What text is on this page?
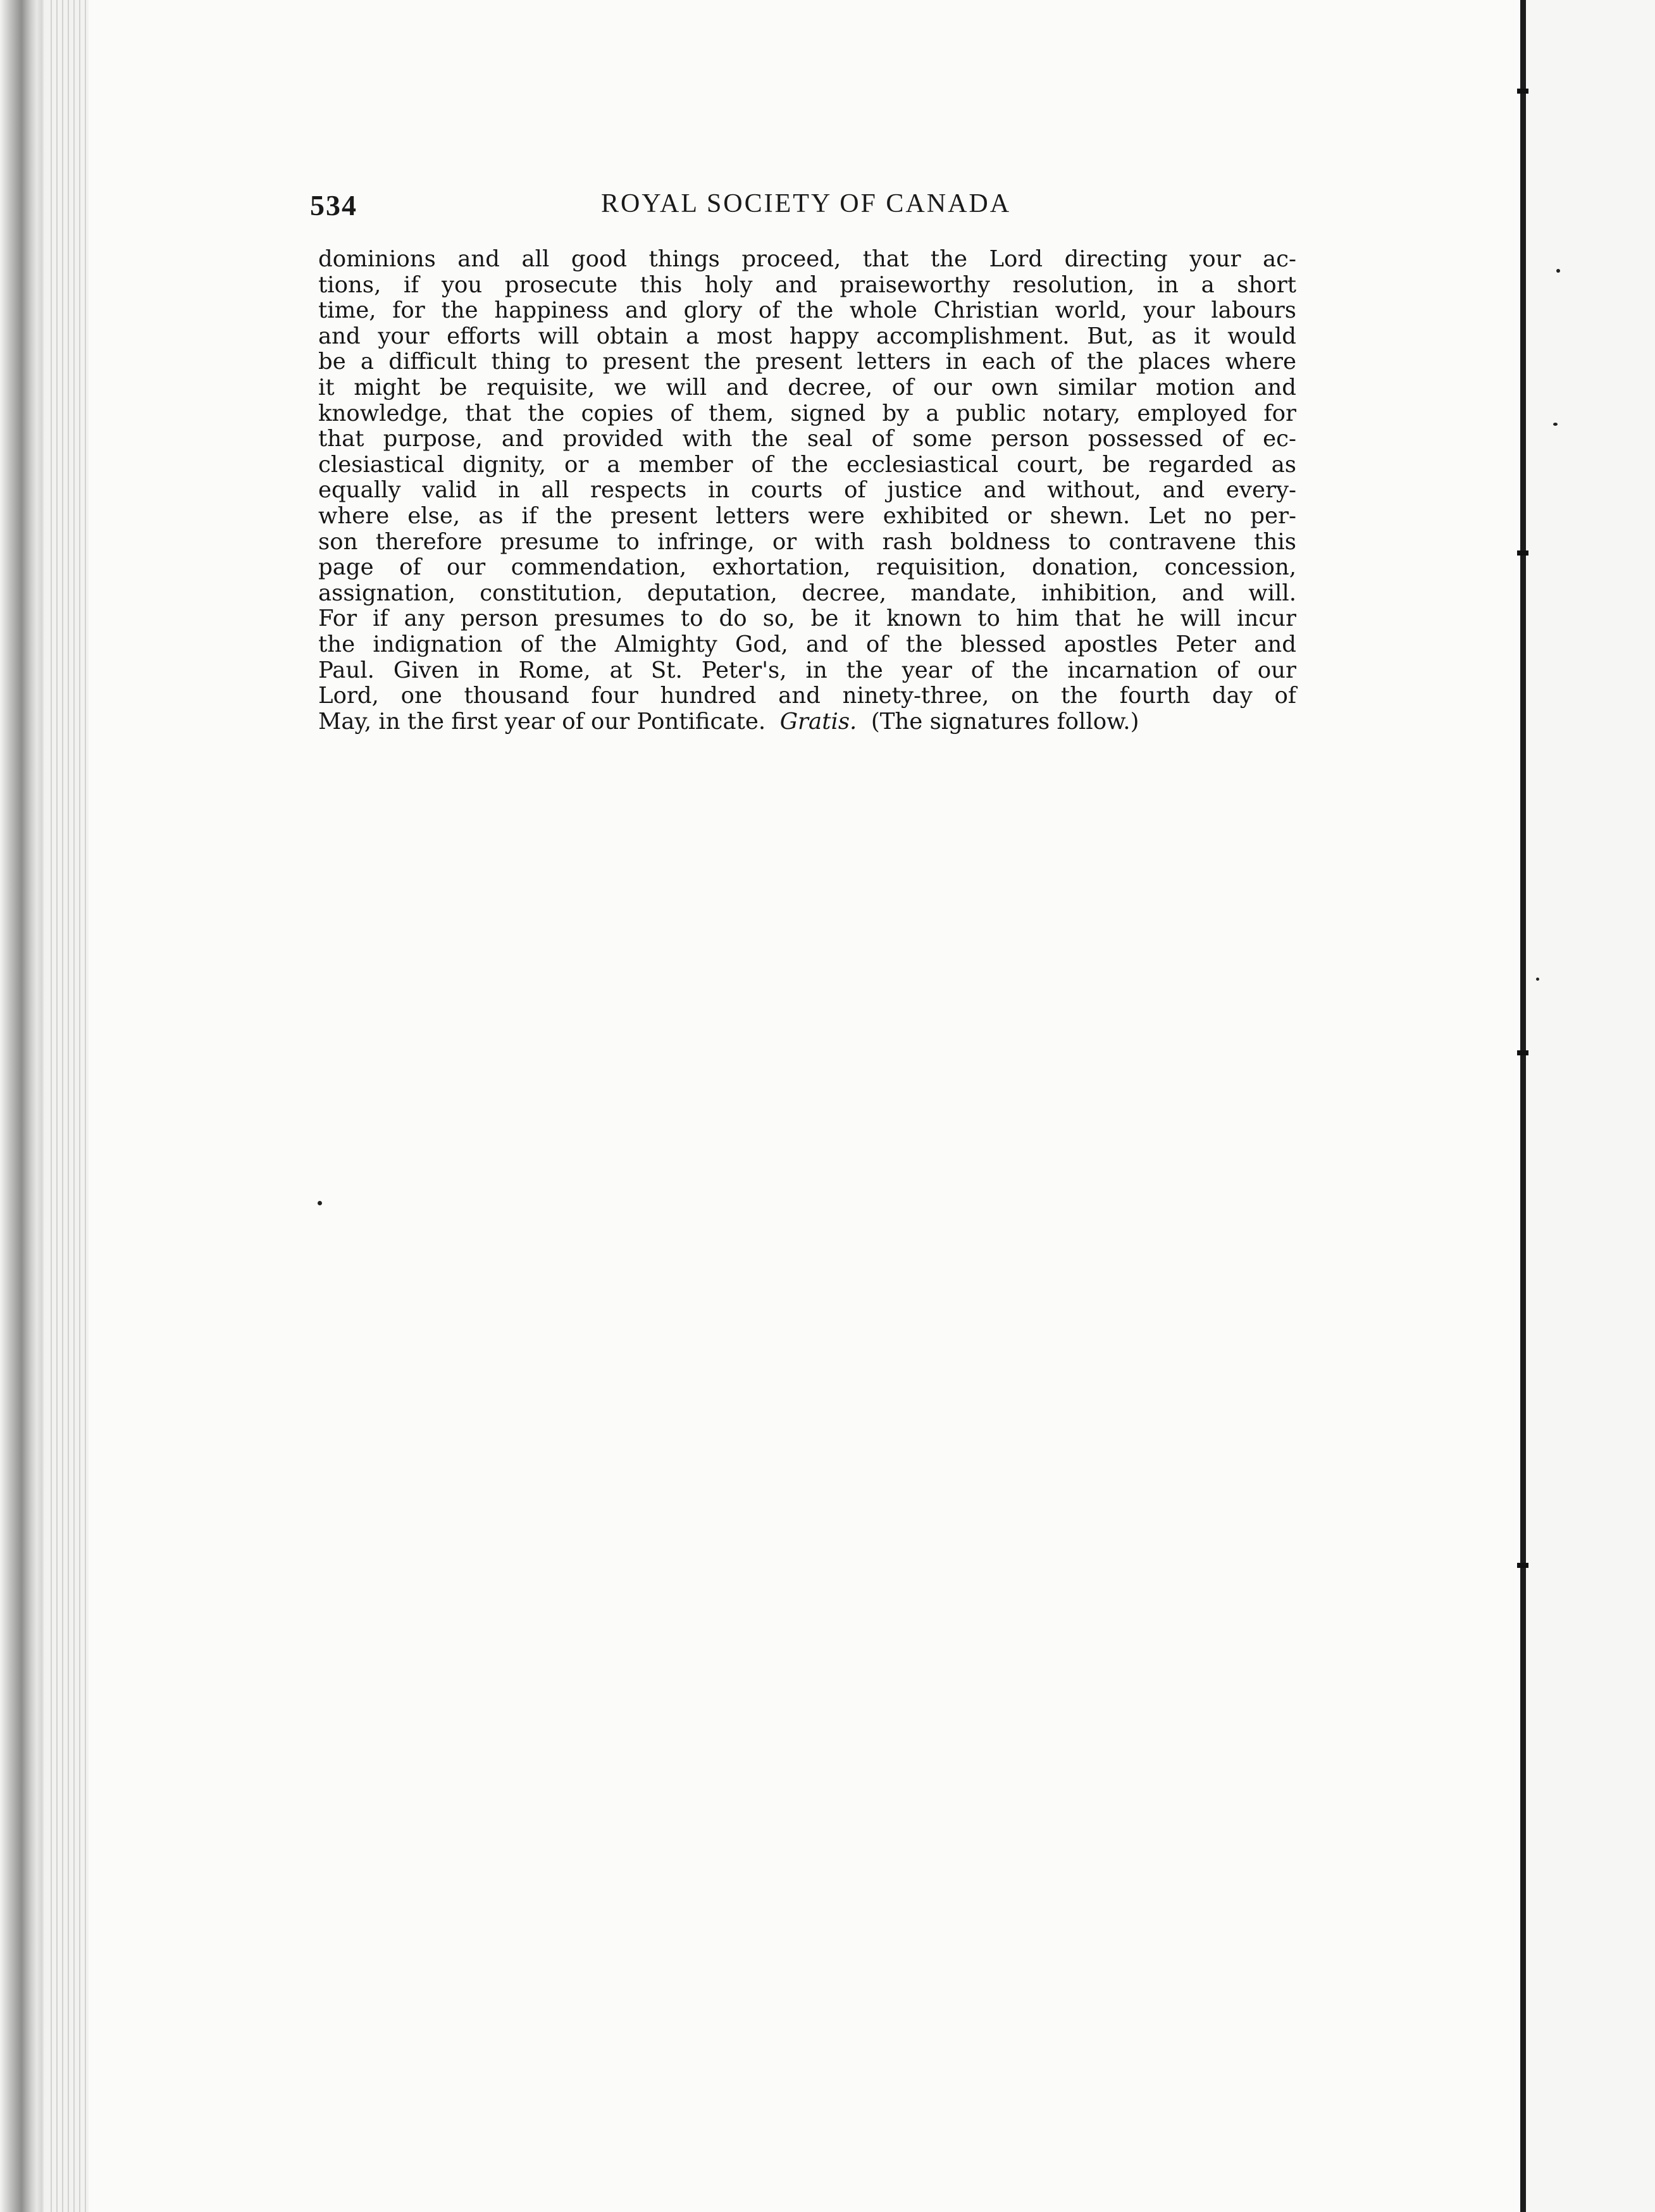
534	ROYAL SOCIETY OF CANADA
dominions and all good things proceed, that the Lord directing your ac-
tions, if you prosecute this holy and praiseworthy resolution, in a short
time, for the happiness and glory of the whole Christian world, your labours
and your efforts will obtain a most happy accomplishment. But, as it would
be a difficult thing to present the present letters in each of the places where
it might be requisite, we will and decree, of our own similar motion and
knowledge, that the copies of them, signed by a public notary, employed for
that purpose, and provided with the seal of some person possessed of ec-
clesiastical dignity, or a member of the ecclesiastical court, be regarded as
equally valid in all respects in courts of justice and without, and every-
where else, as if the present letters were exhibited or shewn. Let no per-
son therefore presume to infringe, or with rash boldness to contravene this
page of our commendation, exhortation, requisition, donation, concession,
assignation, constitution, deputation, decree, mandate, inhibition, and will.
For if any person presumes to do so, be it known to him that he will incur
the indignation of the Almighty God, and of the blessed apostles Peter and
Paul. Given in Rome, at St. Peter's, in the year of the incarnation of our
Lord, one thousand four hundred and ninety-three, on the fourth day of
May, in the first year of our Pontificate. Gratis. (The signatures follow.)
